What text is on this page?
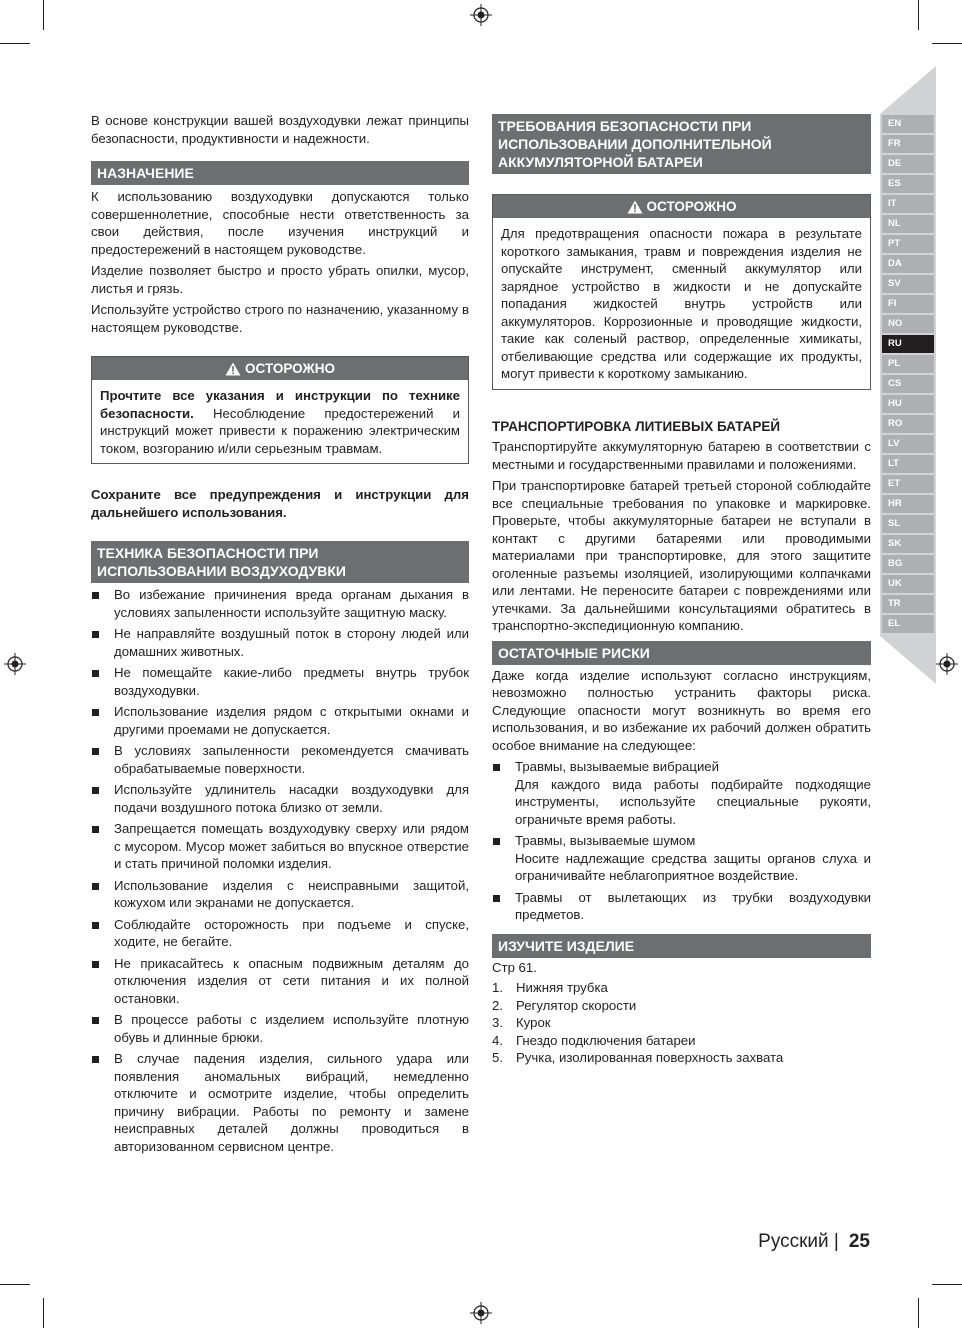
EN
FR
DE
ES
IT
NL
PT
DA
SV
FI
NO
RU
PL
CS
HU
RO
LV
LT
ET
HR
SL
SK
BG
UK
TR
EL

В основе конструкции вашей воздуходувки лежат принципы безопасности, продуктивности и надежности.

НАЗНАЧЕНИЕ

К использованию воздуходувки допускаются только совершеннолетние, способные нести ответственность за свои действия, после изучения инструкций и предостережений в настоящем руководстве.

Изделие позволяет быстро и просто убрать опилки, мусор, листья и грязь.

Используйте устройство строго по назначению, указанному в настоящем руководстве.

ОСТОРОЖНО
Прочтите все указания и инструкции по технике безопасности. Несоблюдение предостережений и инструкций может привести к поражению электрическим током, возгоранию и/или серьезным травмам.

Сохраните все предупреждения и инструкции для дальнейшего использования.

ТЕХНИКА БЕЗОПАСНОСТИ ПРИ
ИСПОЛЬЗОВАНИИ ВОЗДУХОДУВКИ
Во избежание причинения вреда органам дыхания в условиях запыленности используйте защитную маску.
Не направляйте воздушный поток в сторону людей или домашних животных.
Не помещайте какие-либо предметы внутрь трубок воздуходувки.
Использование изделия рядом с открытыми окнами и другими проемами не допускается.
В условиях запыленности рекомендуется смачивать обрабатываемые поверхности.
Используйте удлинитель насадки воздуходувки для подачи воздушного потока близко от земли.
Запрещается помещать воздуходувку сверху или рядом с мусором. Мусор может забиться во впускное отверстие и стать причиной поломки изделия.
Использование изделия с неисправными защитой, кожухом или экранами не допускается.
Соблюдайте осторожность при подъеме и спуске, ходите, не бегайте.
Не прикасайтесь к опасным подвижным деталям до отключения изделия от сети питания и их полной остановки.
В процессе работы с изделием используйте плотную обувь и длинные брюки.
В случае падения изделия, сильного удара или появления аномальных вибраций, немедленно отключите и осмотрите изделие, чтобы определить причину вибрации. Работы по ремонту и замене неисправных деталей должны проводиться в авторизованном сервисном центре.
ТРЕБОВАНИЯ БЕЗОПАСНОСТИ ПРИ
ИСПОЛЬЗОВАНИИ ДОПОЛНИТЕЛЬНОЙ
АККУМУЛЯТОРНОЙ БАТАРЕИ
ОСТОРОЖНО
Для предотвращения опасности пожара в результате короткого замыкания, травм и повреждения изделия не опускайте инструмент, сменный аккумулятор или зарядное устройство в жидкости и не допускайте попадания жидкостей внутрь устройств или аккумуляторов. Коррозионные и проводящие жидкости, такие как соленый раствор, определенные химикаты, отбеливающие средства или содержащие их продукты, могут привести к короткому замыканию.
ТРАНСПОРТИРОВКА ЛИТИЕВЫХ БАТАРЕЙ

Транспортируйте аккумуляторную батарею в соответствии с местными и государственными правилами и положениями.

При транспортировке батарей третьей стороной соблюдайте все специальные требования по упаковке и маркировке. Проверьте, чтобы аккумуляторные батареи не вступали в контакт с другими батареями или проводимыми материалами при транспортировке, для этого защитите оголенные разъемы изоляцией, изолирующими колпачками или лентами. Не переносите батареи с повреждениями или утечками. За дальнейшими консультациями обратитесь в транспортно-экспедиционную компанию.

ОСТАТОЧНЫЕ РИСКИ

Даже когда изделие используют согласно инструкциям, невозможно полностью устранить факторы риска. Следующие опасности могут возникнуть во время его использования, и во избежание их рабочий должен обратить особое внимание на следующее:

Травмы, вызываемые вибрацией
Для каждого вида работы подбирайте подходящие инструменты, используйте специальные рукояти, ограничьте время работы.
Травмы, вызываемые шумом
Носите надлежащие средства защиты органов слуха и ограничивайте неблагоприятное воздействие.
Травмы от вылетающих из трубки воздуходувки предметов.
ИЗУЧИТЕ ИЗДЕЛИЕ

Стр 61.

1. Нижняя трубка
2. Регулятор скорости
3. Курок
4. Гнездо подключения батареи
5. Ручка, изолированная поверхность захвата
Русский | 25
